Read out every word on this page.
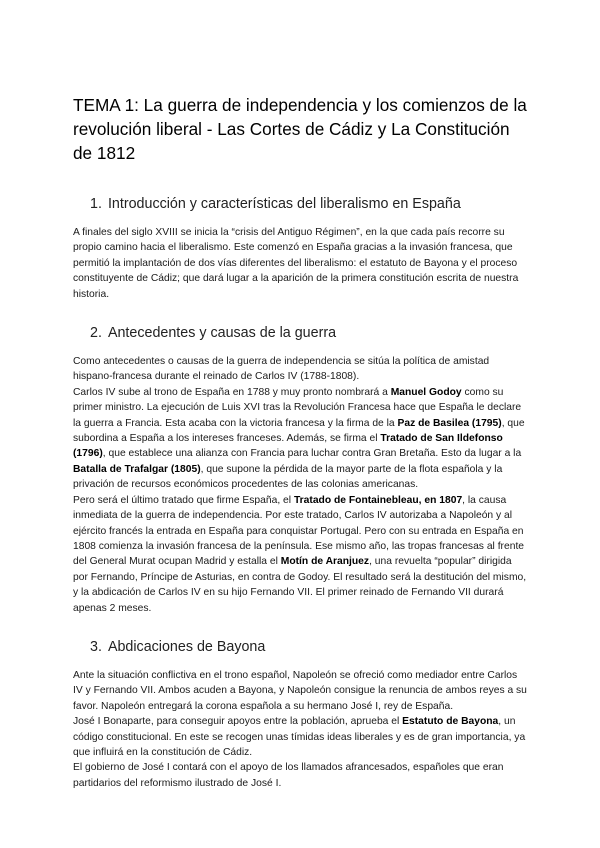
TEMA 1: La guerra de independencia y los comienzos de la revolución liberal - Las Cortes de Cádiz y La Constitución de 1812
1. Introducción y características del liberalismo en España

A finales del siglo XVIII se inicia la “crisis del Antiguo Régimen”, en la que cada país recorre su propio camino hacia el liberalismo. Este comenzó en España gracias a la invasión francesa, que permitió la implantación de dos vías diferentes del liberalismo: el estatuto de Bayona y el proceso constituyente de Cádiz; que dará lugar a la aparición de la primera constitución escrita de nuestra historia.

2. Antecedentes y causas de la guerra

Como antecedentes o causas de la guerra de independencia se sitúa la política de amistad hispano-francesa durante el reinado de Carlos IV (1788-1808).

Carlos IV sube al trono de España en 1788 y muy pronto nombrará a Manuel Godoy como su primer ministro. La ejecución de Luis XVI tras la Revolución Francesa hace que España le declare la guerra a Francia. Esta acaba con la victoria francesa y la firma de la Paz de Basilea (1795), que subordina a España a los intereses franceses. Además, se firma el Tratado de San Ildefonso (1796), que establece una alianza con Francia para luchar contra Gran Bretaña. Esto da lugar a la Batalla de Trafalgar (1805), que supone la pérdida de la mayor parte de la flota española y la privación de recursos económicos procedentes de las colonias americanas.

Pero será el último tratado que firme España, el Tratado de Fontainebleau, en 1807, la causa inmediata de la guerra de independencia. Por este tratado, Carlos IV autorizaba a Napoleón y al ejército francés la entrada en España para conquistar Portugal. Pero con su entrada en España en 1808 comienza la invasión francesa de la península. Ese mismo año, las tropas francesas al frente del General Murat ocupan Madrid y estalla el Motín de Aranjuez, una revuelta “popular” dirigida por Fernando, Príncipe de Asturias, en contra de Godoy. El resultado será la destitución del mismo, y la abdicación de Carlos IV en su hijo Fernando VII. El primer reinado de Fernando VII durará apenas 2 meses.

3. Abdicaciones de Bayona

Ante la situación conflictiva en el trono español, Napoleón se ofreció como mediador entre Carlos IV y Fernando VII. Ambos acuden a Bayona, y Napoleón consigue la renuncia de ambos reyes a su favor. Napoleón entregará la corona española a su hermano José I, rey de España.

José I Bonaparte, para conseguir apoyos entre la población, aprueba el Estatuto de Bayona, un código constitucional. En este se recogen unas tímidas ideas liberales y es de gran importancia, ya que influirá en la constitución de Cádiz.

El gobierno de José I contará con el apoyo de los llamados afrancesados, españoles que eran partidarios del reformismo ilustrado de José I.
